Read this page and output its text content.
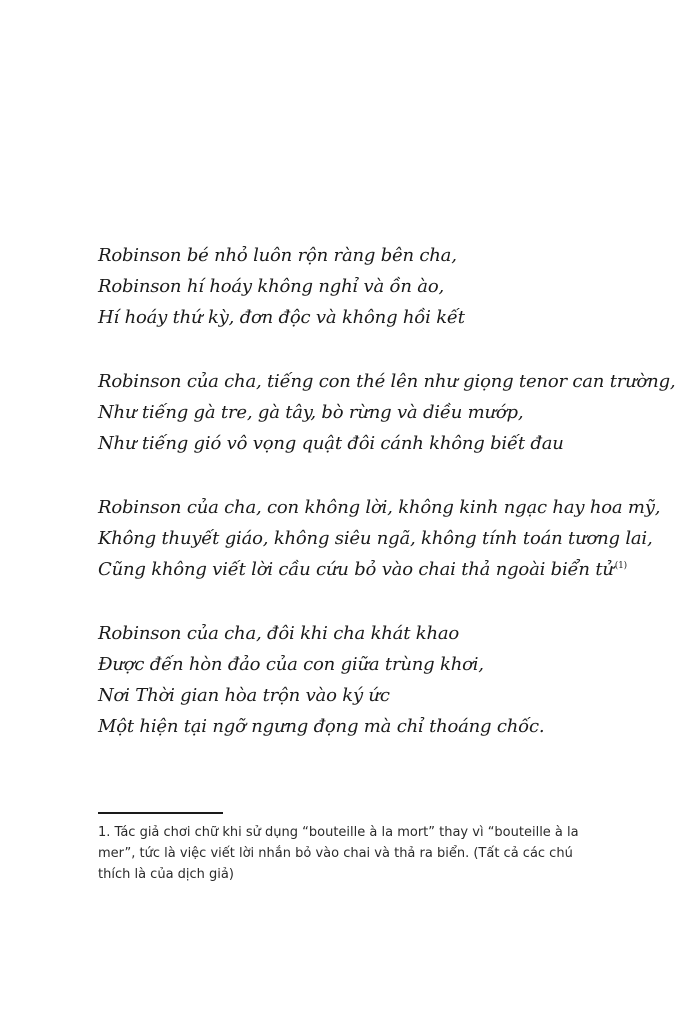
Robinson bé nhỏ luôn rộn ràng bên cha,
Robinson hí hoáy không nghỉ và ồn ào,
Hí hoáy thứ kỳ, đơn độc và không hồi kết
Robinson của cha, tiếng con thé lên như giọng tenor can trường,
Như tiếng gà tre, gà tây, bò rừng và diều mướp,
Như tiếng gió vô vọng quật đôi cánh không biết đau
Robinson của cha, con không lời, không kinh ngạc hay hoa mỹ,
Không thuyết giáo, không siêu ngã, không tính toán tương lai,
Cũng không viết lời cầu cứu bỏ vào chai thả ngoài biển tử$^{(1)}$
Robinson của cha, đôi khi cha khát khao
Được đến hòn đảo của con giữa trùng khơi,
Nơi Thời gian hòa trộn vào ký ức
Một hiện tại ngỡ ngưng đọng mà chỉ thoáng chốc.
1. Tác giả chơi chữ khi sử dụng “bouteille à la mort” thay vì “bouteille à la mer”, tức là việc viết lời nhắn bỏ vào chai và thả ra biển. (Tất cả các chú thích là của dịch giả)
